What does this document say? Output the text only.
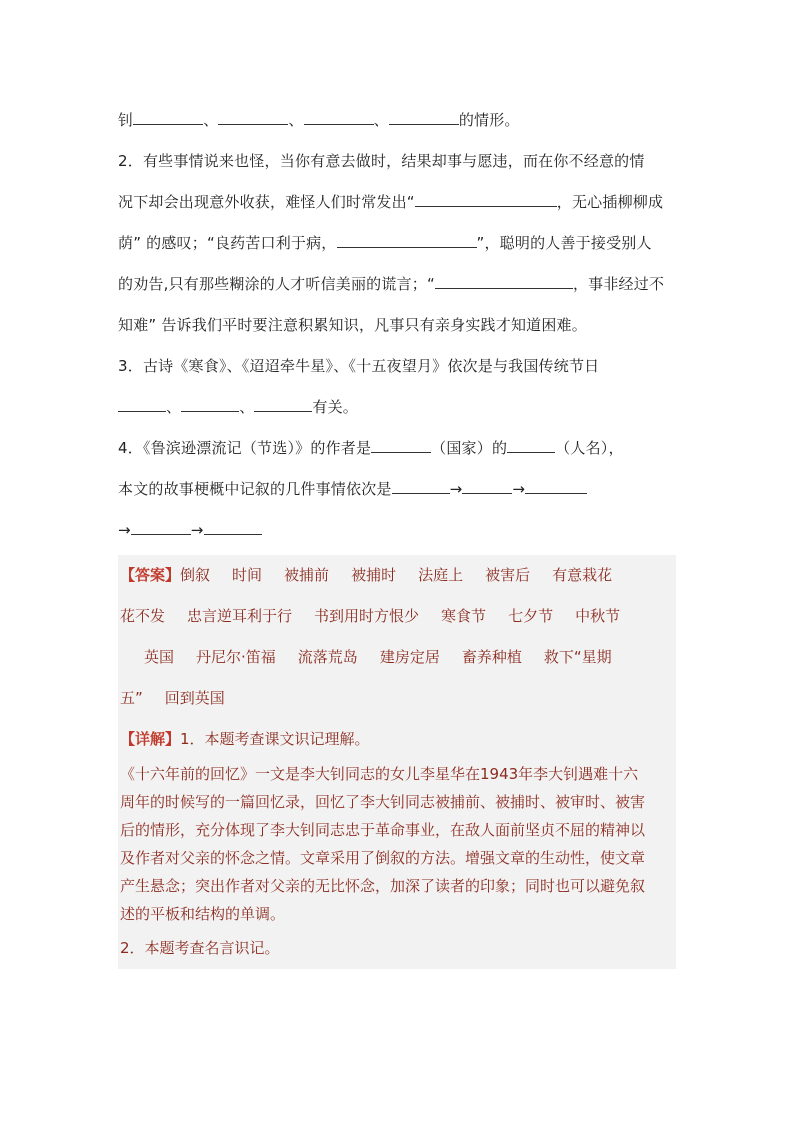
钊	、	、	、	的情形。
2．有些事情说来也怪，当你有意去做时，结果却事与愿违，而在你不经意的情
况下却会出现意外收获，难怪人们时常发出“	，无心插柳柳成
荫” 的感叹；“良药苦口利于病，	”，聪明的人善于接受别人
的劝告,只有那些糊涂的人才听信美丽的谎言；“	，事非经过不
知难” 告诉我们平时要注意积累知识，凡事只有亲身实践才知道困难。
3．古诗《寒食》、《迢迢牵牛星》、《十五夜望月》依次是与我国传统节日
、	、	有关。
4．《鲁滨逊漂流记（节选）》的作者是	（国家）的	（人名），
本文的故事梗概中记叙的几件事情依次是	→	→
→	→
【答案】倒叙 时间 被捕前 被捕时 法庭上 被害后 有意栽花
花不发 忠言逆耳利于行 书到用时方恨少 寒食节 七夕节 中秋节
英国 丹尼尔·笛福 流落荒岛 建房定居 畜养种植 救下“星期
五” 回到英国
【详解】1．本题考查课文识记理解。
《十六年前的回忆》一文是李大钊同志的女儿李星华在1943年李大钊遇难十六
周年的时候写的一篇回忆录，回忆了李大钊同志被捕前、被捕时、被审时、被害
后的情形，充分体现了李大钊同志忠于革命事业，在敌人面前坚贞不屈的精神以
及作者对父亲的怀念之情。文章采用了倒叙的方法。增强文章的生动性，使文章
产生悬念；突出作者对父亲的无比怀念，加深了读者的印象；同时也可以避免叙
述的平板和结构的单调。
2．本题考查名言识记。
